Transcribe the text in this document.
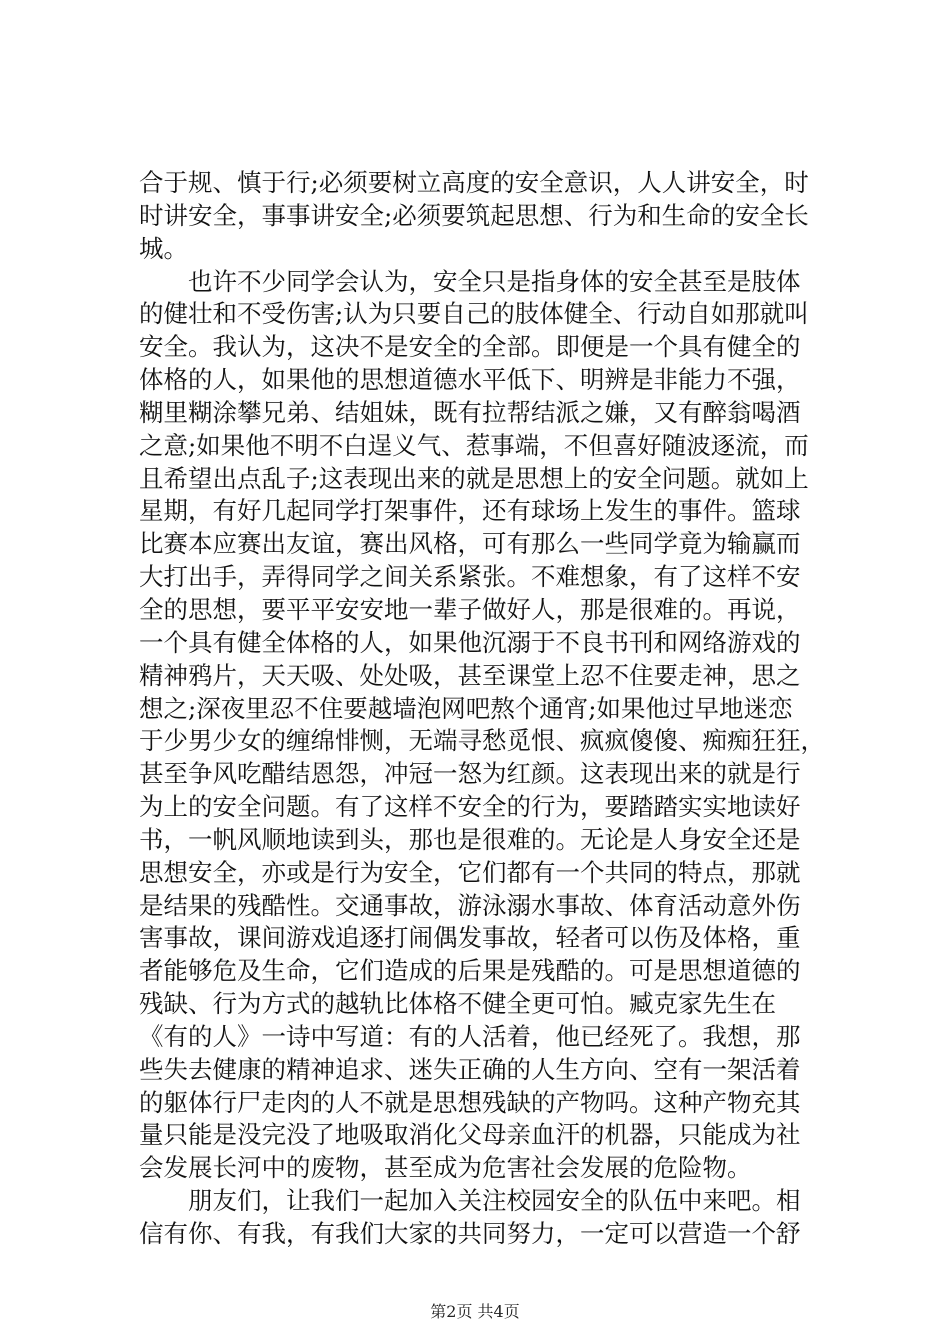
合于规、慎于行;必须要树立高度的安全意识，人人讲安全，时
时讲安全，事事讲安全;必须要筑起思想、行为和生命的安全长
城。
　　也许不少同学会认为，安全只是指身体的安全甚至是肢体
的健壮和不受伤害;认为只要自己的肢体健全、行动自如那就叫
安全。我认为，这决不是安全的全部。即便是一个具有健全的
体格的人，如果他的思想道德水平低下、明辨是非能力不强，
糊里糊涂攀兄弟、结姐妹，既有拉帮结派之嫌，又有醉翁喝酒
之意;如果他不明不白逞义气、惹事端，不但喜好随波逐流，而
且希望出点乱子;这表现出来的就是思想上的安全问题。就如上
星期，有好几起同学打架事件，还有球场上发生的事件。篮球
比赛本应赛出友谊，赛出风格，可有那么一些同学竟为输赢而
大打出手，弄得同学之间关系紧张。不难想象，有了这样不安
全的思想，要平平安安地一辈子做好人，那是很难的。再说，
一个具有健全体格的人，如果他沉溺于不良书刊和网络游戏的
精神鸦片，天天吸、处处吸，甚至课堂上忍不住要走神，思之
想之;深夜里忍不住要越墙泡网吧熬个通宵;如果他过早地迷恋
于少男少女的缠绵悱恻，无端寻愁觅恨、疯疯傻傻、痴痴狂狂，
甚至争风吃醋结恩怨，冲冠一怒为红颜。这表现出来的就是行
为上的安全问题。有了这样不安全的行为，要踏踏实实地读好
书，一帆风顺地读到头，那也是很难的。无论是人身安全还是
思想安全，亦或是行为安全，它们都有一个共同的特点，那就
是结果的残酷性。交通事故，游泳溺水事故、体育活动意外伤
害事故，课间游戏追逐打闹偶发事故，轻者可以伤及体格，重
者能够危及生命，它们造成的后果是残酷的。可是思想道德的
残缺、行为方式的越轨比体格不健全更可怕。臧克家先生在
《有的人》一诗中写道：有的人活着，他已经死了。我想，那
些失去健康的精神追求、迷失正确的人生方向、空有一架活着
的躯体行尸走肉的人不就是思想残缺的产物吗。这种产物充其
量只能是没完没了地吸取消化父母亲血汗的机器，只能成为社
会发展长河中的废物，甚至成为危害社会发展的危险物。
　　朋友们，让我们一起加入关注校园安全的队伍中来吧。相
信有你、有我，有我们大家的共同努力，一定可以营造一个舒
第2页 共4页
